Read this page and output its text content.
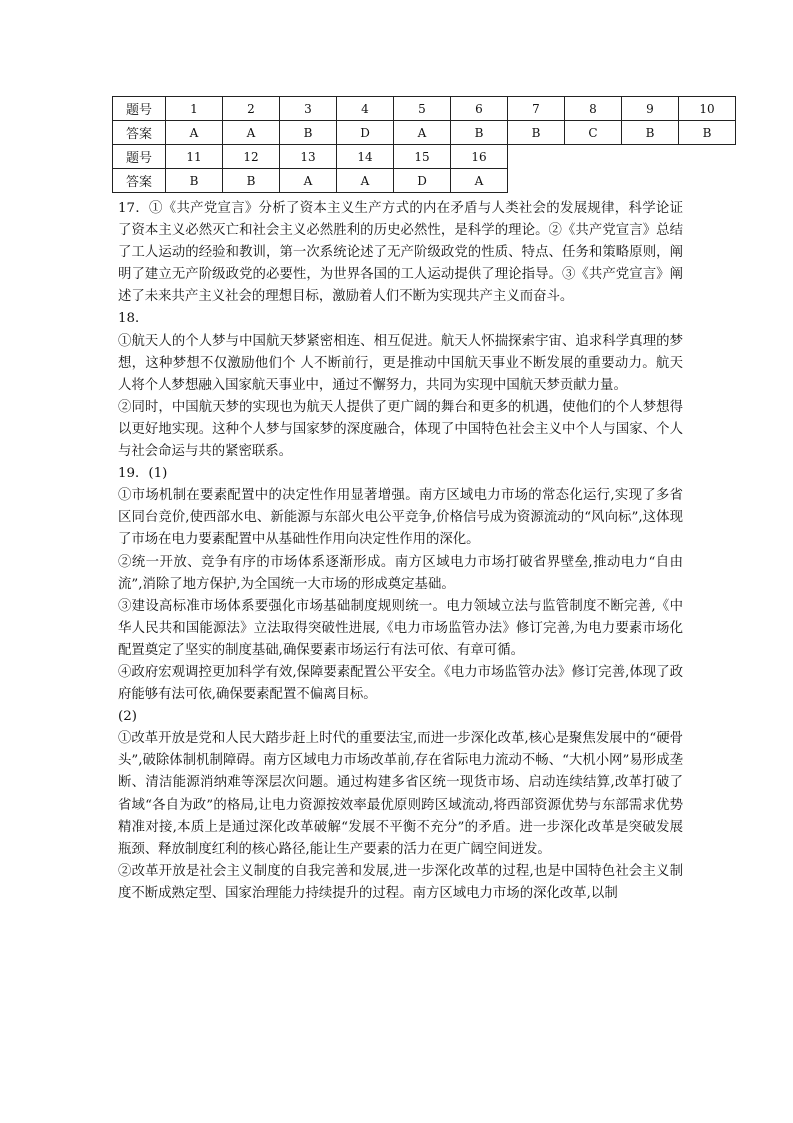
题号	1	2	3	4	5	6	7	8	9	10
答案	A	A	B	D	A	B	B	C	B	B
题号	11	12	13	14	15	16				
答案	B	B	A	A	D	A				

17．①《共产党宣言》分析了资本主义生产方式的内在矛盾与人类社会的发展规律，科学论证了资本主义必然灭亡和社会主义必然胜利的历史必然性，是科学的理论。②《共产党宣言》总结了工人运动的经验和教训，第一次系统论述了无产阶级政党的性质、特点、任务和策略原则，阐明了建立无产阶级政党的必要性，为世界各国的工人运动提供了理论指导。③《共产党宣言》阐述了未来共产主义社会的理想目标，激励着人们不断为实现共产主义而奋斗。

18．

①航天人的个人梦与中国航天梦紧密相连、相互促进。航天人怀揣探索宇宙、追求科学真理的梦想，这种梦想不仅激励他们个 人不断前行，更是推动中国航天事业不断发展的重要动力。航天人将个人梦想融入国家航天事业中，通过不懈努力，共同为实现中国航天梦贡献力量。

②同时，中国航天梦的实现也为航天人提供了更广阔的舞台和更多的机遇，使他们的个人梦想得以更好地实现。这种个人梦与国家梦的深度融合，体现了中国特色社会主义中个人与国家、个人与社会命运与共的紧密联系。

19．(1)

①市场机制在要素配置中的决定性作用显著增强。南方区域电力市场的常态化运行,实现了多省区同台竞价,使西部水电、新能源与东部火电公平竞争,价格信号成为资源流动的“风向标”,这体现了市场在电力要素配置中从基础性作用向决定性作用的深化。

②统一开放、竞争有序的市场体系逐渐形成。南方区域电力市场打破省界壁垒,推动电力“自由流”,消除了地方保护,为全国统一大市场的形成奠定基础。

③建设高标准市场体系要强化市场基础制度规则统一。电力领域立法与监管制度不断完善,《中华人民共和国能源法》立法取得突破性进展,《电力市场监管办法》修订完善,为电力要素市场化配置奠定了坚实的制度基础,确保要素市场运行有法可依、有章可循。

④政府宏观调控更加科学有效,保障要素配置公平安全。《电力市场监管办法》修订完善,体现了政府能够有法可依,确保要素配置不偏离目标。

(2)

①改革开放是党和人民大踏步赶上时代的重要法宝,而进一步深化改革,核心是聚焦发展中的“硬骨头”,破除体制机制障碍。南方区域电力市场改革前,存在省际电力流动不畅、“大机小网”易形成垄断、清洁能源消纳难等深层次问题。通过构建多省区统一现货市场、启动连续结算,改革打破了省域“各自为政”的格局,让电力资源按效率最优原则跨区域流动,将西部资源优势与东部需求优势精准对接,本质上是通过深化改革破解“发展不平衡不充分”的矛盾。进一步深化改革是突破发展瓶颈、释放制度红利的核心路径,能让生产要素的活力在更广阔空间迸发。

②改革开放是社会主义制度的自我完善和发展,进一步深化改革的过程,也是中国特色社会主义制度不断成熟定型、国家治理能力持续提升的过程。南方区域电力市场的深化改革,以制
